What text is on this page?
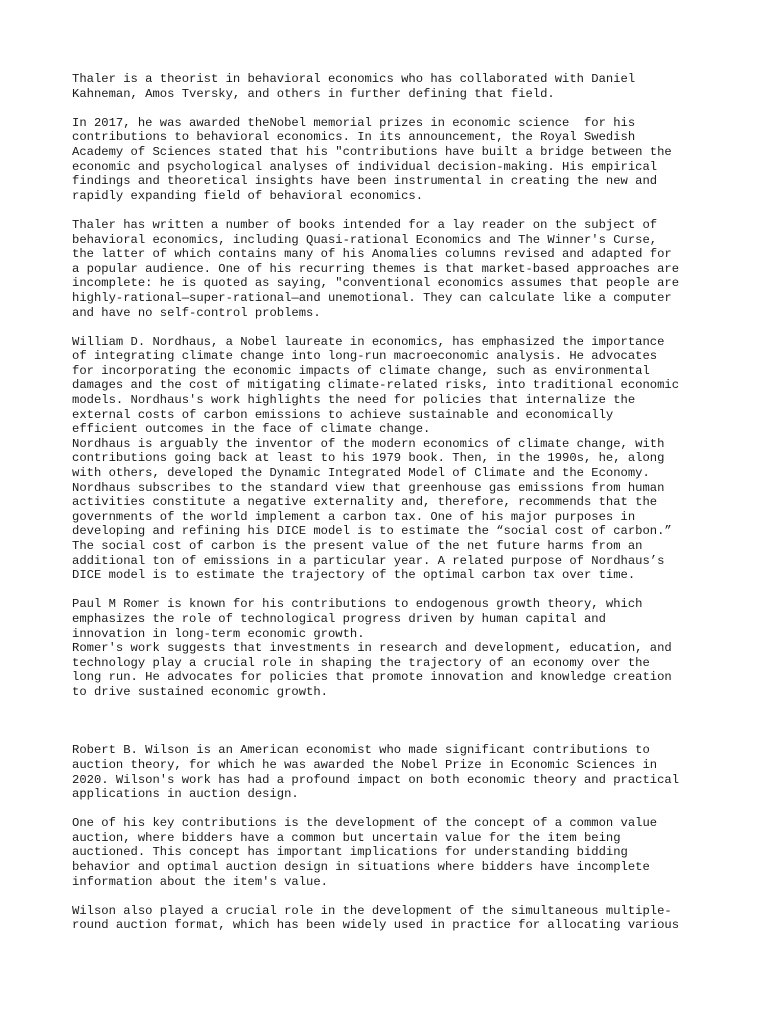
Thaler is a theorist in behavioral economics who has collaborated with Daniel
Kahneman, Amos Tversky, and others in further defining that field.
In 2017, he was awarded theNobel memorial prizes in economic science  for his
contributions to behavioral economics. In its announcement, the Royal Swedish
Academy of Sciences stated that his "contributions have built a bridge between the
economic and psychological analyses of individual decision-making. His empirical
findings and theoretical insights have been instrumental in creating the new and
rapidly expanding field of behavioral economics.
Thaler has written a number of books intended for a lay reader on the subject of
behavioral economics, including Quasi-rational Economics and The Winner's Curse,
the latter of which contains many of his Anomalies columns revised and adapted for
a popular audience. One of his recurring themes is that market-based approaches are
incomplete: he is quoted as saying, "conventional economics assumes that people are
highly-rational—super-rational—and unemotional. They can calculate like a computer
and have no self-control problems.
William D. Nordhaus, a Nobel laureate in economics, has emphasized the importance
of integrating climate change into long-run macroeconomic analysis. He advocates
for incorporating the economic impacts of climate change, such as environmental
damages and the cost of mitigating climate-related risks, into traditional economic
models. Nordhaus's work highlights the need for policies that internalize the
external costs of carbon emissions to achieve sustainable and economically
efficient outcomes in the face of climate change.
Nordhaus is arguably the inventor of the modern economics of climate change, with
contributions going back at least to his 1979 book. Then, in the 1990s, he, along
with others, developed the Dynamic Integrated Model of Climate and the Economy.
Nordhaus subscribes to the standard view that greenhouse gas emissions from human
activities constitute a negative externality and, therefore, recommends that the
governments of the world implement a carbon tax. One of his major purposes in
developing and refining his DICE model is to estimate the “social cost of carbon.”
The social cost of carbon is the present value of the net future harms from an
additional ton of emissions in a particular year. A related purpose of Nordhaus’s
DICE model is to estimate the trajectory of the optimal carbon tax over time.
Paul M Romer is known for his contributions to endogenous growth theory, which
emphasizes the role of technological progress driven by human capital and
innovation in long-term economic growth.
Romer's work suggests that investments in research and development, education, and
technology play a crucial role in shaping the trajectory of an economy over the
long run. He advocates for policies that promote innovation and knowledge creation
to drive sustained economic growth.
Robert B. Wilson is an American economist who made significant contributions to
auction theory, for which he was awarded the Nobel Prize in Economic Sciences in
2020. Wilson's work has had a profound impact on both economic theory and practical
applications in auction design.
One of his key contributions is the development of the concept of a common value
auction, where bidders have a common but uncertain value for the item being
auctioned. This concept has important implications for understanding bidding
behavior and optimal auction design in situations where bidders have incomplete
information about the item's value.
Wilson also played a crucial role in the development of the simultaneous multiple-
round auction format, which has been widely used in practice for allocating various
